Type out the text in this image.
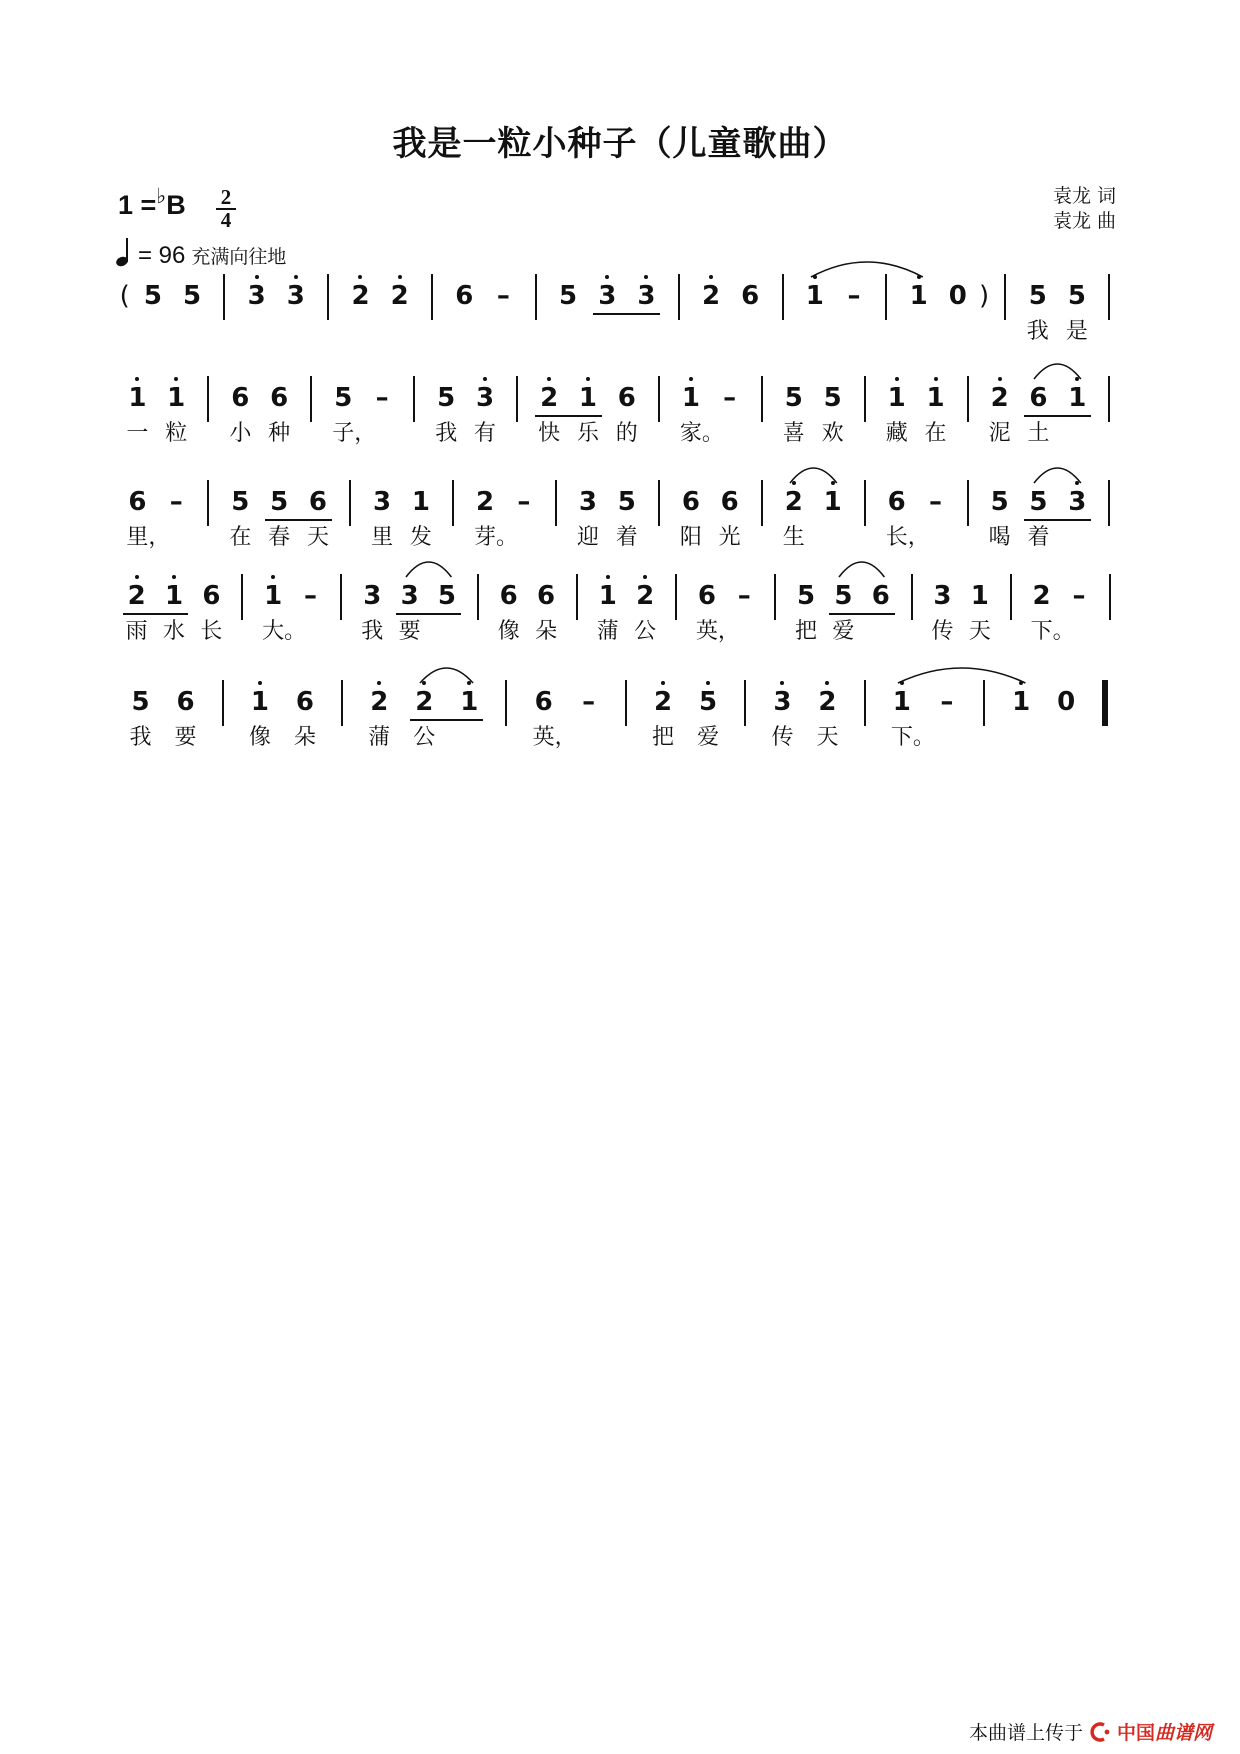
我是一粒小种子（儿童歌曲）
1 =♭B 2
4
= 96 充满向往地
袁龙 词
袁龙 曲
( 5 5 3 3 2 2 6 – 5 3 3 2 6 1 – 1 0 ) 5
我
5
是
1
一
1
粒
6
小
6
种
5
子，
– 5
我
3
有
2
快
1
乐
6
的
1
家。
– 5
喜
5
欢
1
藏
1
在
2
泥
6
土
1
6
里，
– 5
在
5
春
6
天
3
里
1
发
2
芽。
– 3
迎
5
着
6
阳
6
光
2
生
1 6
长，
– 5
喝
5
着
3
2
雨
1
水
6
长
1
大。
– 3
我
3
要
5 6
像
6
朵
1
蒲
2
公
6
英，
– 5
把
5
爱
6 3
传
1
天
2
下。
–
5
我
6
要
1
像
6
朵
2
蒲
2
公
1 6
英，
– 2
把
5
爱
3
传
2
天
1
下。
– 1 0
本曲谱上传于 中国曲谱网
